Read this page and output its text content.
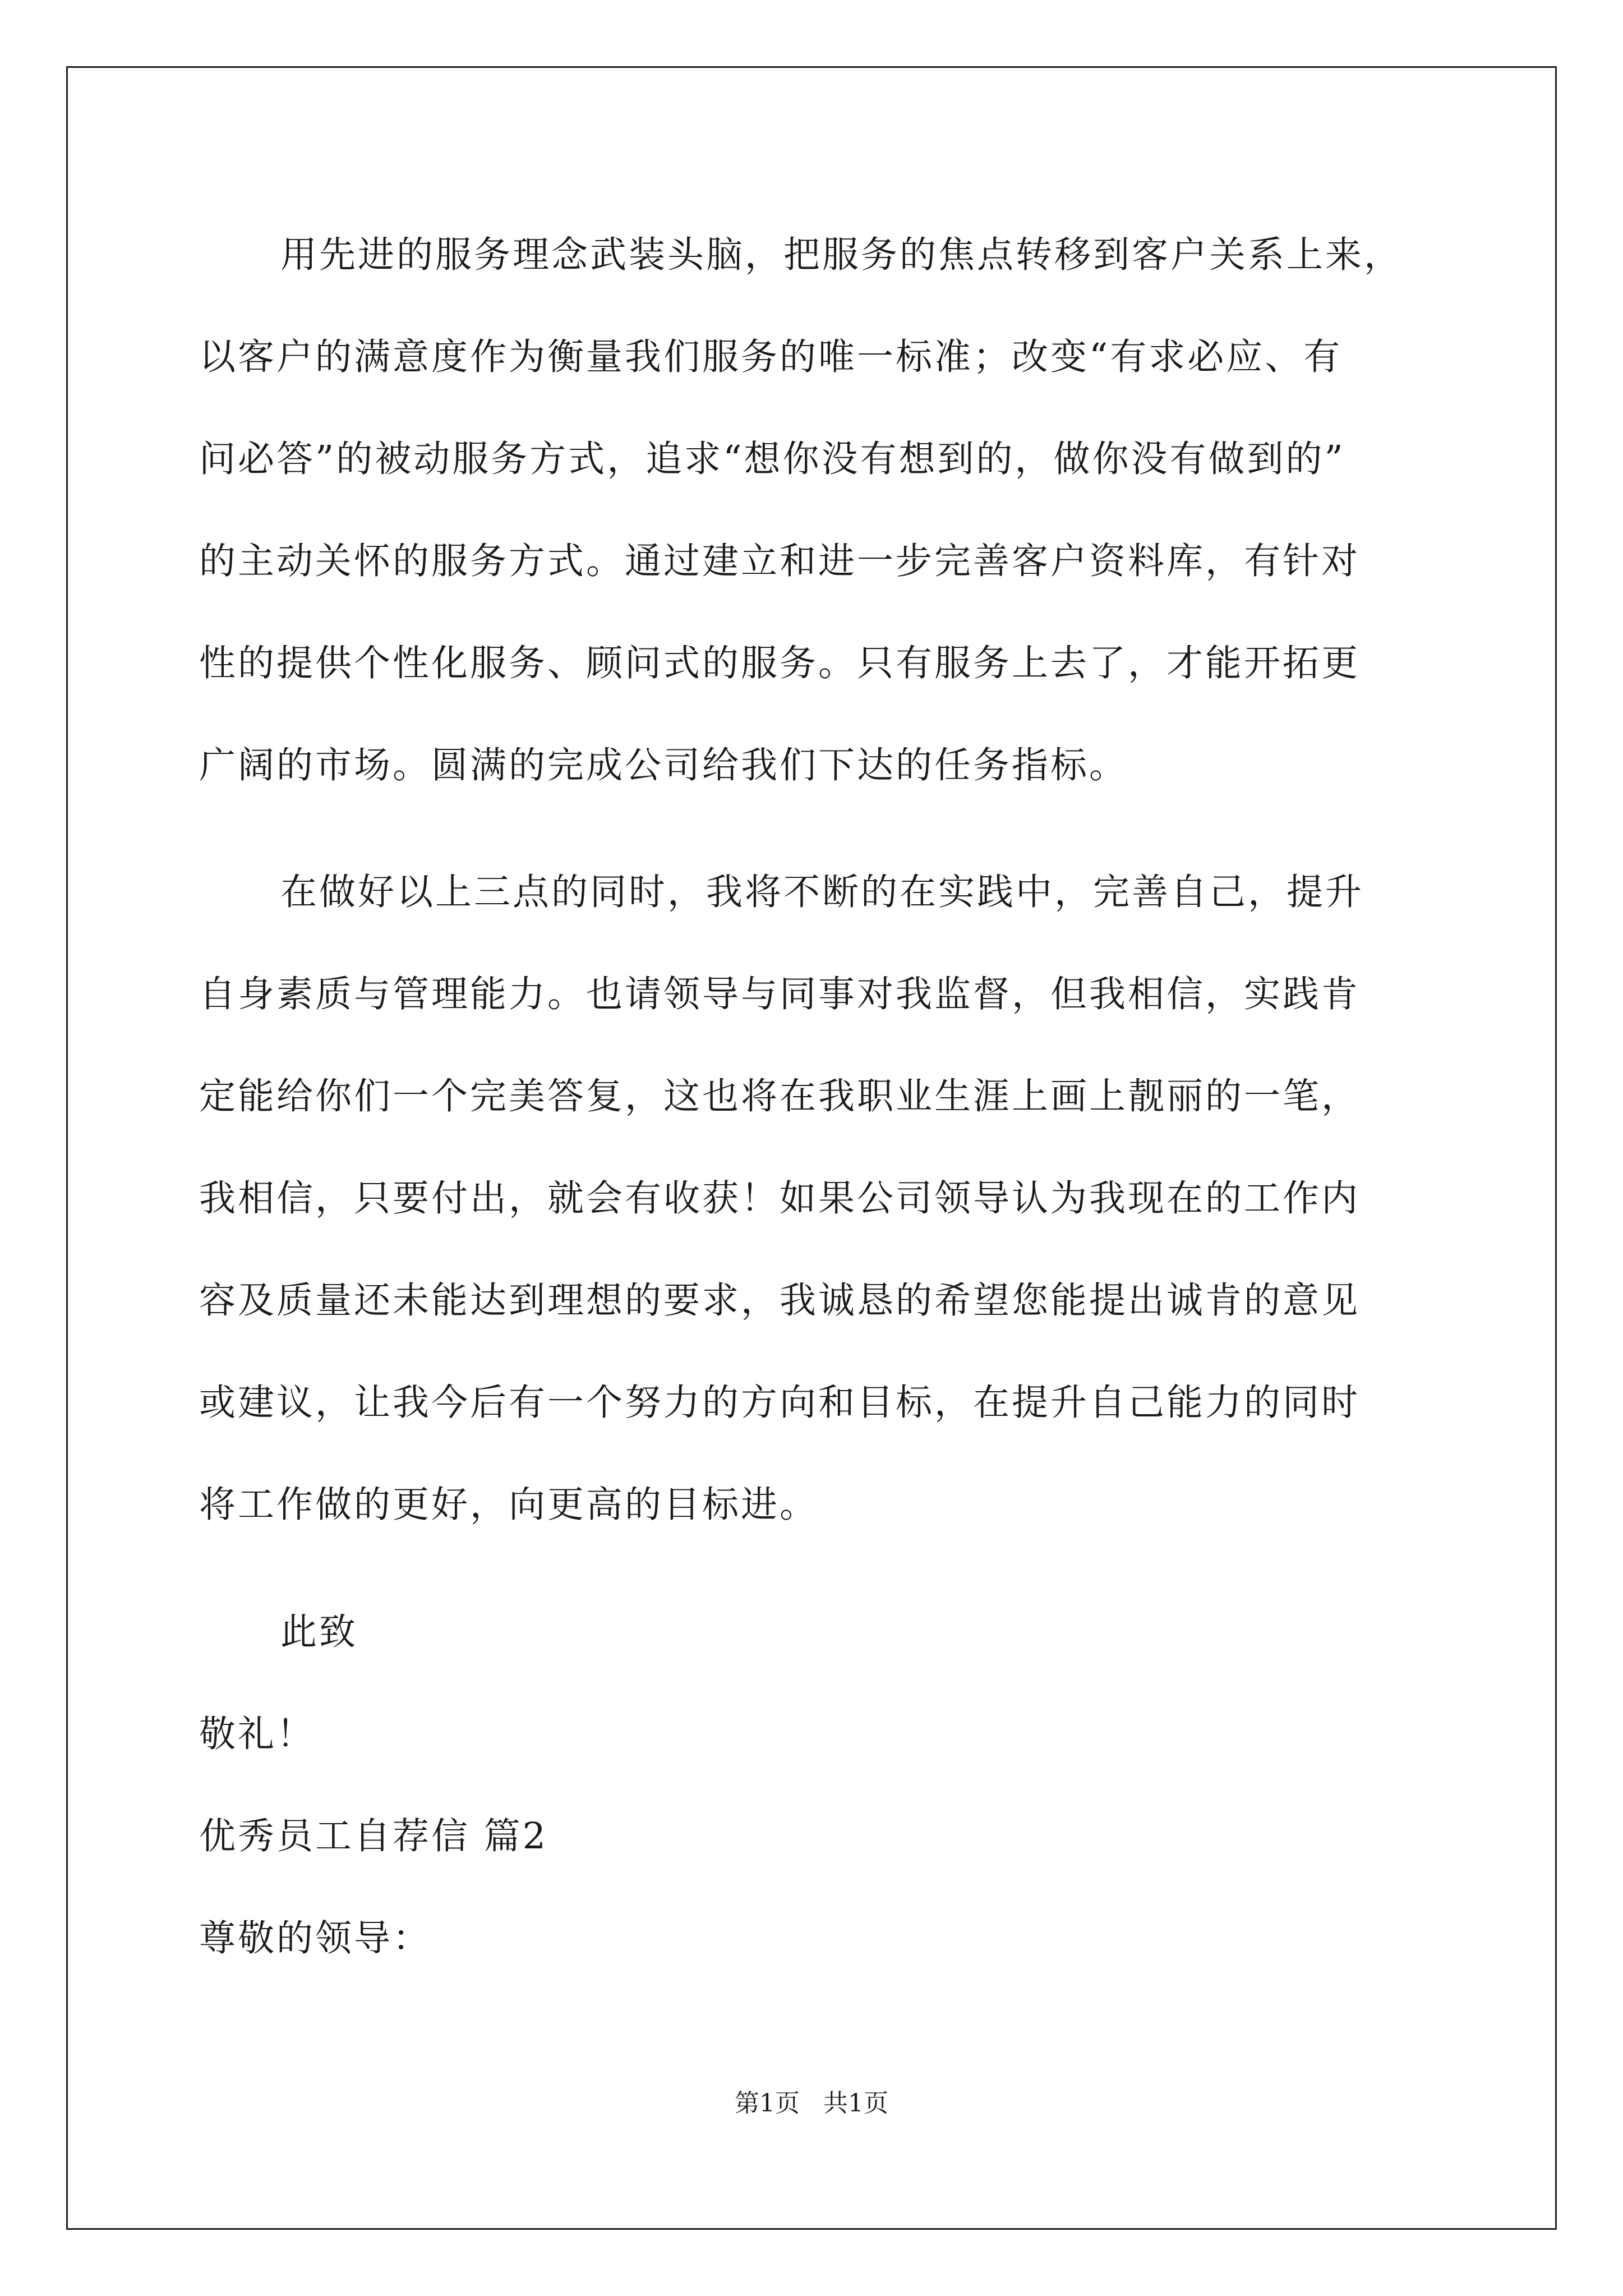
用先进的服务理念武装头脑，把服务的焦点转移到客户关系上来，
以客户的满意度作为衡量我们服务的唯一标准；改变“有求必应、有
问必答”的被动服务方式，追求“想你没有想到的，做你没有做到的”
的主动关怀的服务方式。通过建立和进一步完善客户资料库，有针对
性的提供个性化服务、顾问式的服务。只有服务上去了，才能开拓更
广阔的市场。圆满的完成公司给我们下达的任务指标。
在做好以上三点的同时，我将不断的在实践中，完善自己，提升
自身素质与管理能力。也请领导与同事对我监督，但我相信，实践肯
定能给你们一个完美答复，这也将在我职业生涯上画上靓丽的一笔，
我相信，只要付出，就会有收获！如果公司领导认为我现在的工作内
容及质量还未能达到理想的要求，我诚恳的希望您能提出诚肯的意见
或建议，让我今后有一个努力的方向和目标，在提升自己能力的同时
将工作做的更好，向更高的目标进。
此致
敬礼！
优秀员工自荐信 篇2
尊敬的领导：
第1页   共1页
